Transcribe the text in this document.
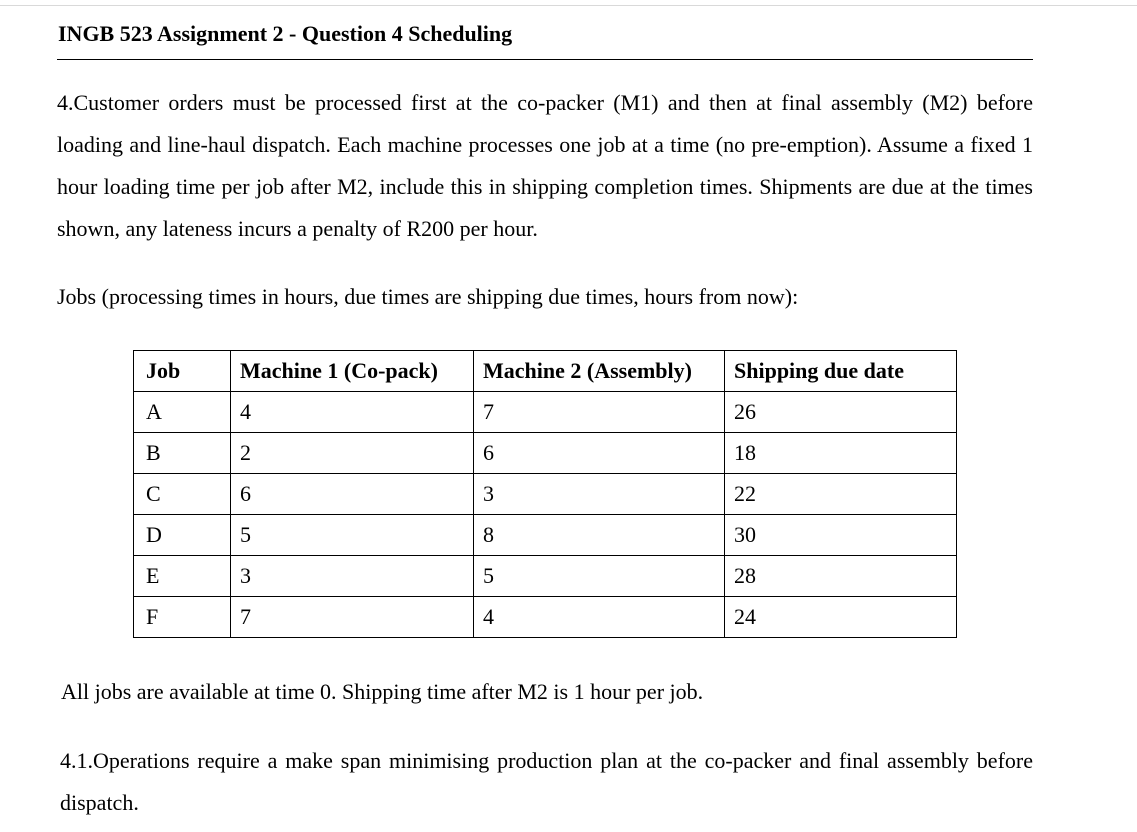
INGB 523 Assignment 2 - Question 4 Scheduling

4.Customer orders must be processed first at the co-packer (M1) and then at final assembly (M2) before loading and line-haul dispatch. Each machine processes one job at a time (no pre-emption). Assume a fixed 1 hour loading time per job after M2, include this in shipping completion times. Shipments are due at the times shown, any lateness incurs a penalty of R200 per hour.

Jobs (processing times in hours, due times are shipping due times, hours from now):

Job	Machine 1 (Co-pack)	Machine 2 (Assembly)	Shipping due date
A	4	7	26
B	2	6	18
C	6	3	22
D	5	8	30
E	3	5	28
F	7	4	24

All jobs are available at time 0. Shipping time after M2 is 1 hour per job.

4.1.Operations require a make span minimising production plan at the co-packer and final assembly before dispatch.
